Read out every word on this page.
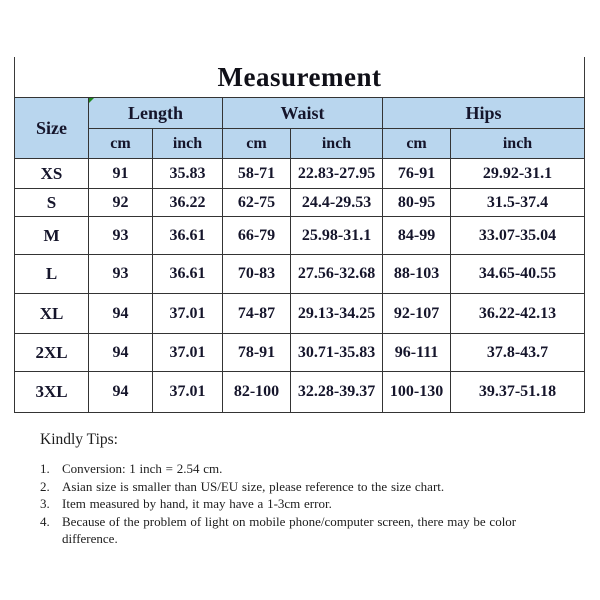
Measurement
Size	Length		Waist		Hips	
	cm	inch	cm	inch	cm	inch
XS	91	35.83	58-71	22.83-27.95	76-91	29.92-31.1
S	92	36.22	62-75	24.4-29.53	80-95	31.5-37.4
M	93	36.61	66-79	25.98-31.1	84-99	33.07-35.04
L	93	36.61	70-83	27.56-32.68	88-103	34.65-40.55
XL	94	37.01	74-87	29.13-34.25	92-107	36.22-42.13
2XL	94	37.01	78-91	30.71-35.83	96-111	37.8-43.7
3XL	94	37.01	82-100	32.28-39.37	100-130	39.37-51.18
Kindly Tips:
1. Conversion: 1 inch = 2.54 cm.
2. Asian size is smaller than US/EU size, please reference to the size chart.
3. Item measured by hand, it may have a 1-3cm error.
4. Because of the problem of light on mobile phone/computer screen, there may be color difference.
